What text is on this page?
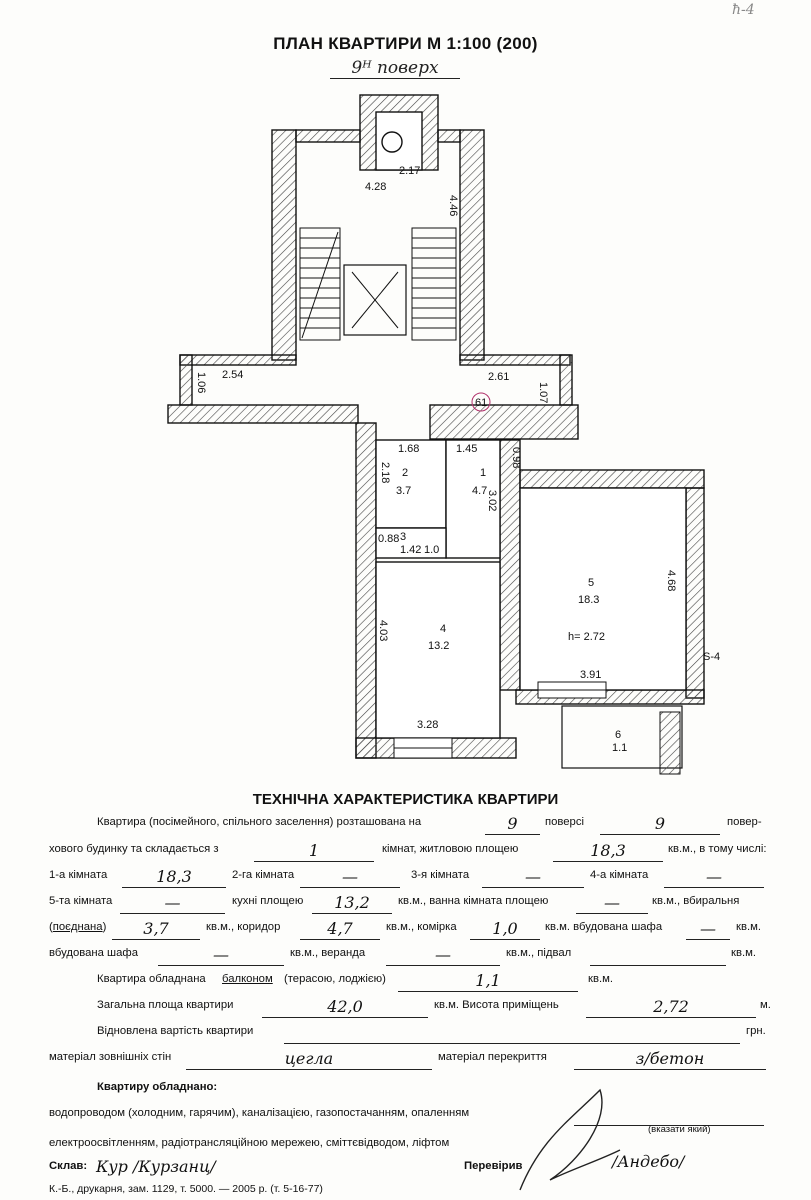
ħ-4
ПЛАН КВАРТИРИ М 1:100 (200)
9ᴴ поверх
2.17
4.28
4.46
2.54
1.06	2.61
1.07
61
1.68	1.45	0.98
2.18
3.02
0.88
1.42
4.03
3.28
4.68
3.91
h= 2.72
S-4
1
4.7
2
3.7
3
1.0
4
13.2
5
18.3
6
1.1
ТЕХНІЧНА ХАРАКТЕРИСТИКА КВАРТИРИ
Квартира (посімейного, спільного заселення) розташована на	9	поверсі	9	повер-
хового будинку та складається з	1	кімнат, житловою площею	18,3	кв.м., в тому числі:
1-а кімната	18,3	2-га кімната	—	3-я кімната	—	4-а кімната	—
5-та кімната	—	кухні площею	13,2	кв.м., ванна кімната площею	—	кв.м., вбиральня
(поєднана)	3,7	кв.м., коридор	4,7	кв.м., комірка	1,0	кв.м. вбудована шафа	—	кв.м.
вбудована шафа	—	кв.м., веранда	—	кв.м., підвал	кв.м.
Квартира обладнана балконом (терасою, лоджією)	1,1	кв.м.
Загальна площа квартири	42,0	кв.м. Висота приміщень	2,72	м.
Відновлена вартість квартири	грн.
матеріал зовнішніх стін	цегла	матеріал перекриття	з/бетон
Квартиру обладнано:
водопроводом (холодним, гарячим), каналізацією, газопостачанням, опаленням
(вказати який)
електроосвітленням, радіотрансляційною мережею, сміттєвідводом, ліфтом
Склав: Кур /Курзанц/	Перевірив	/Андебо/
К.-Б., друкарня, зам. 1129, т. 5000. — 2005 р. (т. 5-16-77)
